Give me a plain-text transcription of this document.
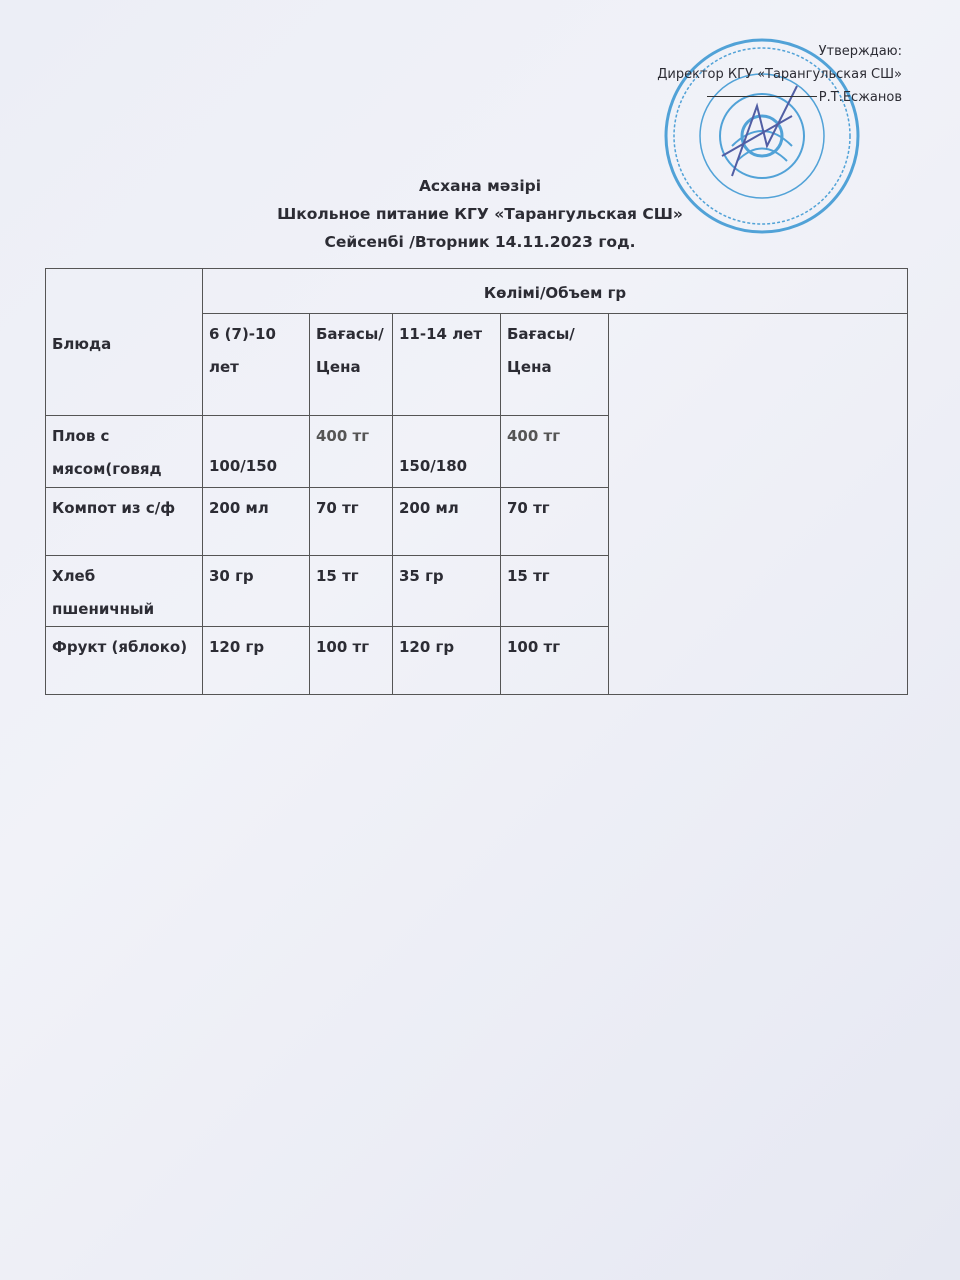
Утверждаю:
Директор КГУ «Тарангульская СШ»
Р.Т.Есжанов
Асхана мәзірі
Школьное питание КГУ «Тарангульская СШ»
Сейсенбі /Вторник 14.11.2023 год.
Блюда	Көлімі/Объем гр				
	6 (7)-10 лет	Бағасы/Цена	11-14 лет	Бағасы/ Цена	
Плов с мясом(говяд	100/150	400 тг	150/180	400 тг	
Компот из с/ф	200 мл	70 тг	200 мл	70 тг	
Хлеб пшеничный	30 гр	15 тг	35 гр	15 тг	
Фрукт (яблоко)	120 гр	100 тг	120 гр	100 тг	
